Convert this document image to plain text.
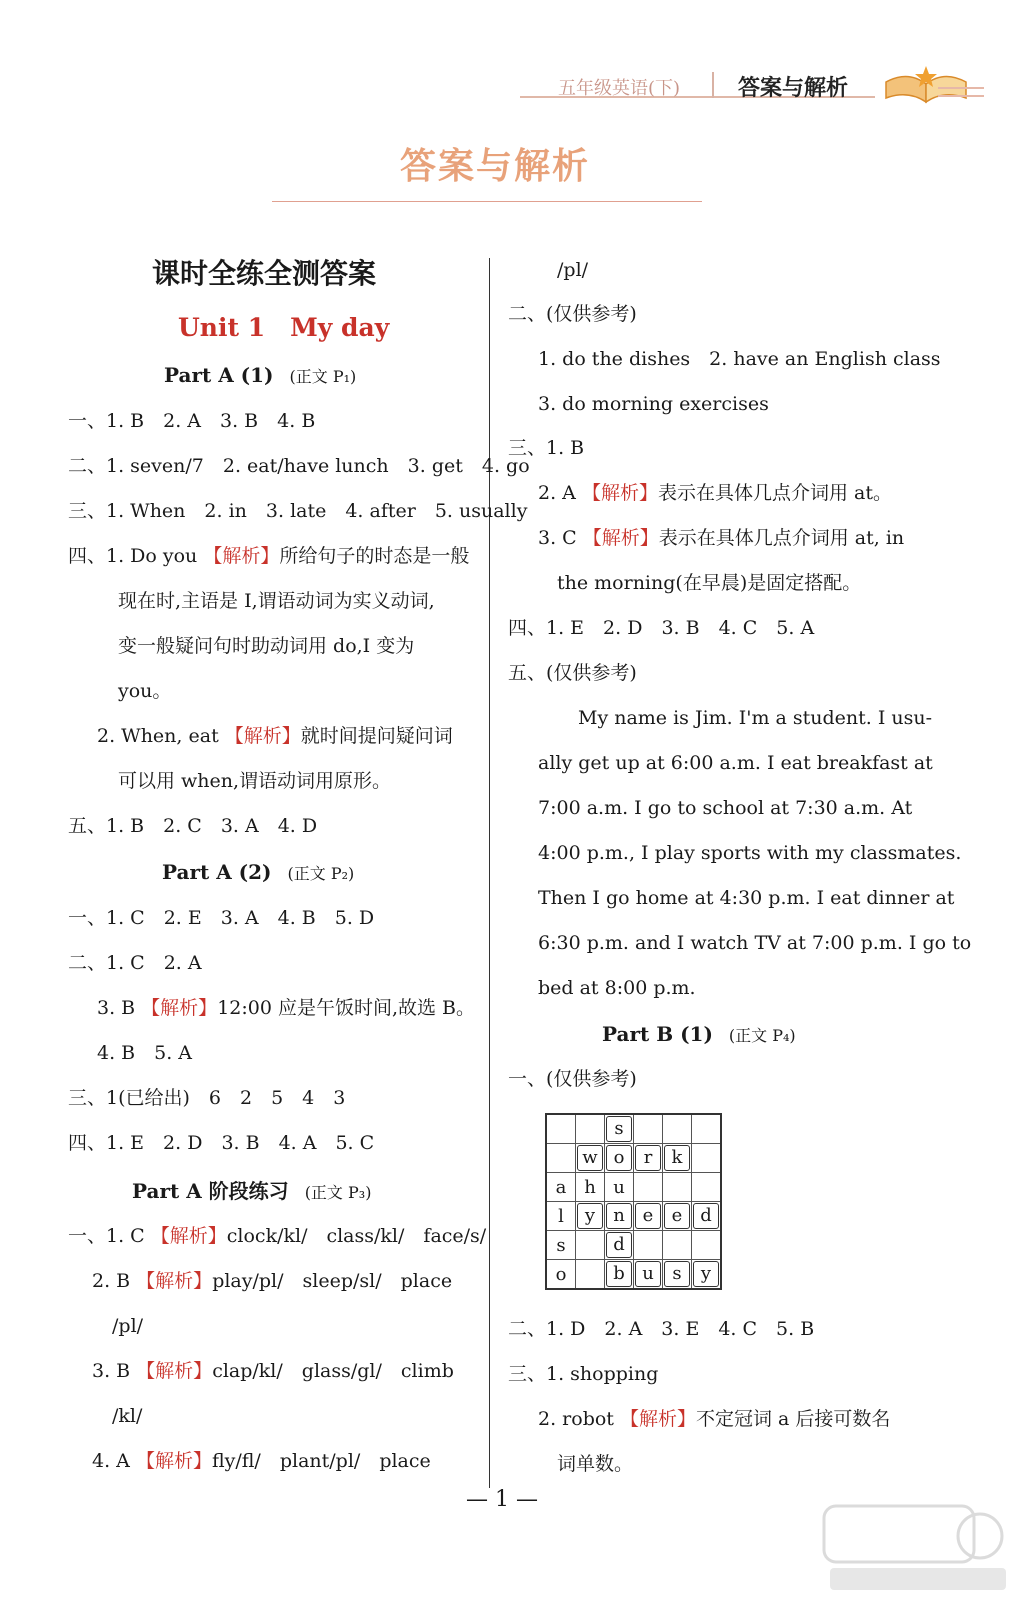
五年级英语(下)	答案与解析
答案与解析
课时全练全测答案
Unit 1　My day
Part A (1)　(正文 P₁)
一、1. B　2. A　3. B　4. B
二、1. seven/7　2. eat/have lunch　3. get　4. go
三、1. When　2. in　3. late　4. after　5. usually
四、1. Do you 【解析】所给句子的时态是一般
现在时,主语是 I,谓语动词为实义动词,
变一般疑问句时助动词用 do,I 变为
you。
2. When, eat 【解析】就时间提问疑问词
可以用 when,谓语动词用原形。
五、1. B　2. C　3. A　4. D
Part A (2)　(正文 P₂)
一、1. C　2. E　3. A　4. B　5. D
二、1. C　2. A
3. B 【解析】12:00 应是午饭时间,故选 B。
4. B　5. A
三、1(已给出)　6　2　5　4　3
四、1. E　2. D　3. B　4. A　5. C
Part A 阶段练习　(正文 P₃)
一、1. C 【解析】clock/kl/　class/kl/　face/s/
2. B 【解析】play/pl/　sleep/sl/　place
/pl/
3. B 【解析】clap/kl/　glass/gl/　climb
/kl/
4. A 【解析】fly/fl/　plant/pl/　place
/pl/
二、(仅供参考)
1. do the dishes　2. have an English class
3. do morning exercises
三、1. B
2. A 【解析】表示在具体几点介词用 at。
3. C 【解析】表示在具体几点介词用 at, in
the morning(在早晨)是固定搭配。
四、1. E　2. D　3. B　4. C　5. A
五、(仅供参考)
My name is Jim. I'm a student. I usu-
ally get up at 6:00 a.m. I eat breakfast at
7:00 a.m. I go to school at 7:30 a.m. At
4:00 p.m., I play sports with my classmates.
Then I go home at 4:30 p.m. I eat dinner at
6:30 p.m. and I watch TV at 7:00 p.m. I go to
bed at 8:00 p.m.
Part B (1)　(正文 P₄)
一、(仅供参考)
二、1. D　2. A　3. E　4. C　5. B
三、1. shopping
2. robot 【解析】不定冠词 a 后接可数名
词单数。
		s			
	w	o	r	k	
a	h	u			
l	y	n	e	e	d
s		d			
o		b	u	s	y
— 1 —
